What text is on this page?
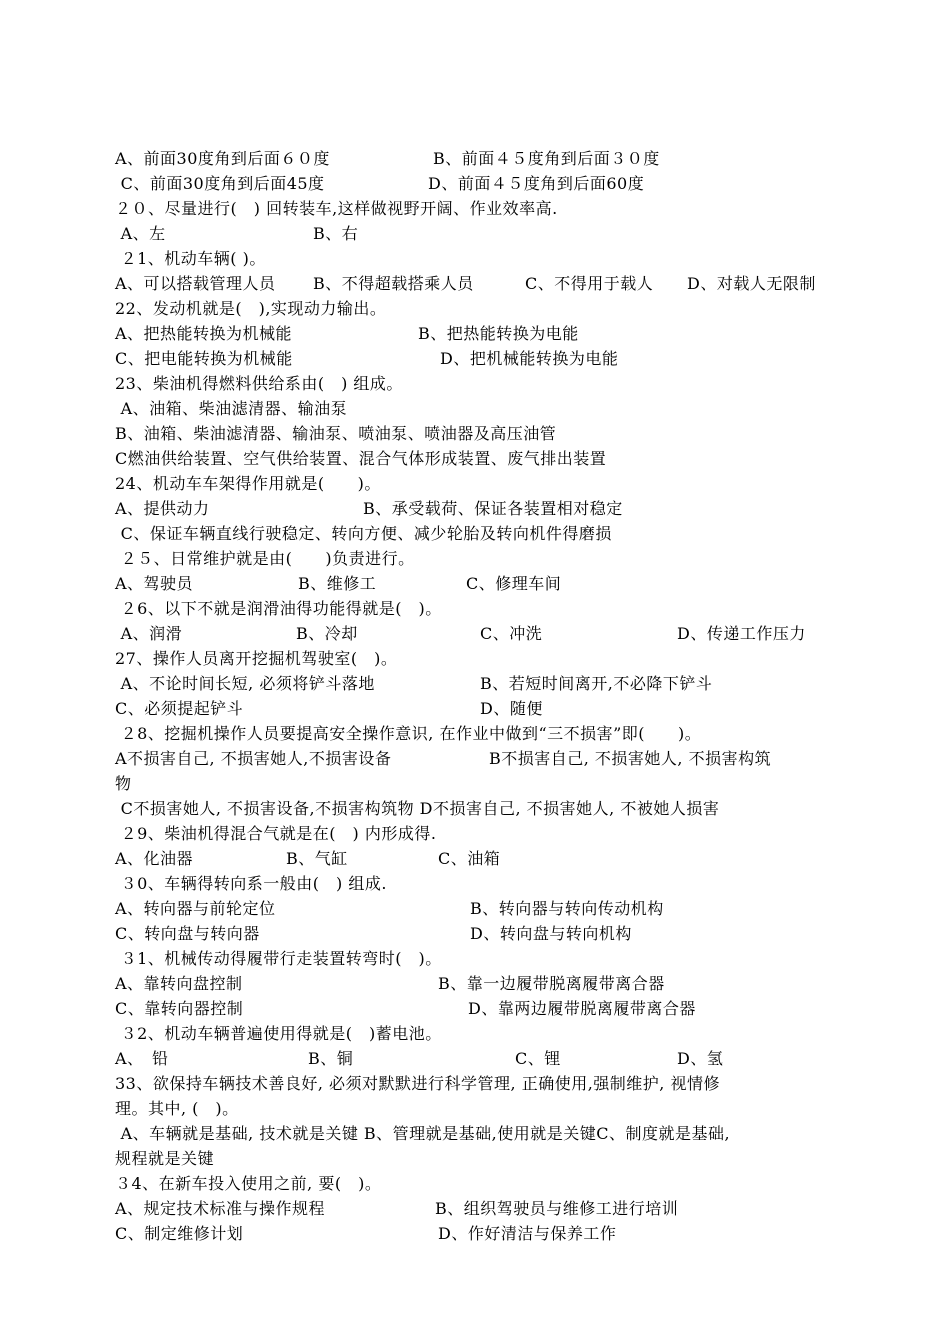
A、前面30度角到后面６０度

	B、前面４５度角到后面３０度

C、前面30度角到后面45度

	D、前面４５度角到后面60度

２０、尽量进行(　) 回转装车,这样做视野开阔、作业效率高.

A、左

	B、右

２1、机动车辆( )。

A、可以搭载管理人员

B、不得超载搭乘人员

	C、不得用于载人

D、对载人无限制

22、发动机就是(　),实现动力输出。

A、把热能转换为机械能

	B、把热能转换为电能

C、把电能转换为机械能

	D、把机械能转换为电能

23、柴油机得燃料供给系由(　) 组成。

A、油箱、柴油滤清器、输油泵

B、油箱、柴油滤清器、输油泵、喷油泵、喷油器及高压油管

C燃油供给装置、空气供给装置、混合气体形成装置、废气排出装置

24、机动车车架得作用就是(　　)。

A、提供动力

	B、承受载荷、保证各装置相对稳定

C、保证车辆直线行驶稳定、转向方便、减少轮胎及转向机件得磨损

２５、日常维护就是由(　　)负责进行。

A、驾驶员

	B、维修工

	C、修理车间

２6、以下不就是润滑油得功能得就是(　)。

A、润滑

	B、冷却

	C、冲洗

	D、传递工作压力

27、操作人员离开挖掘机驾驶室(　)。

A、不论时间长短, 必须将铲斗落地

	B、若短时间离开,不必降下铲斗

C、必须提起铲斗

	D、随便

２8、挖掘机操作人员要提高安全操作意识, 在作业中做到“三不损害”即(　　)。

A不损害自己, 不损害她人,不损害设备

	B不损害自己, 不损害她人, 不损害构筑

物

C不损害她人, 不损害设备,不损害构筑物 D不损害自己, 不损害她人, 不被她人损害

２9、柴油机得混合气就是在(　) 内形成得.

A、化油器

	B、气缸

	C、油箱

３0、车辆得转向系一般由(　) 组成.

A、转向器与前轮定位

	B、转向器与转向传动机构

C、转向盘与转向器

	D、转向盘与转向机构

３1、机械传动得履带行走装置转弯时(　)。

A、靠转向盘控制

	B、靠一边履带脱离履带离合器

C、靠转向器控制

	D、靠两边履带脱离履带离合器

３2、机动车辆普遍使用得就是(　)蓄电池。

A、　铅

	B、铜

	C、锂

	D、氢

33、欲保持车辆技术善良好, 必须对默默进行科学管理, 正确使用,强制维护, 视情修

理。其中, (　)。

A、车辆就是基础, 技术就是关键 B、管理就是基础,使用就是关键C、制度就是基础,

规程就是关键

３4、在新车投入使用之前, 要(　)。

A、规定技术标准与操作规程

	B、组织驾驶员与维修工进行培训

C、制定维修计划

	D、作好清洁与保养工作
